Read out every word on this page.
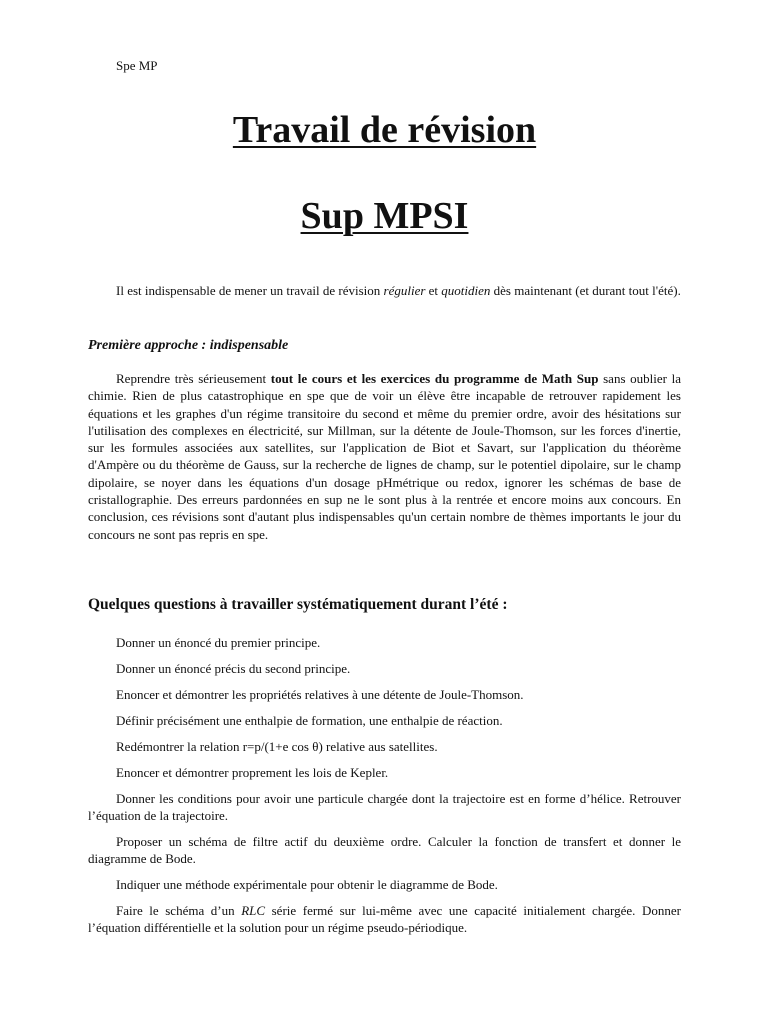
Spe MP
Travail de révision
Sup MPSI

Il est indispensable de mener un travail de révision régulier et quotidien dès maintenant (et durant tout l'été).

Première approche : indispensable

Reprendre très sérieusement tout le cours et les exercices du programme de Math Sup sans oublier la chimie. Rien de plus catastrophique en spe que de voir un élève être incapable de retrouver rapidement les équations et les graphes d'un régime transitoire du second et même du premier ordre, avoir des hésitations sur l'utilisation des complexes en électricité, sur Millman, sur la détente de Joule-Thomson, sur les forces d'inertie, sur les formules associées aux satellites, sur l'application de Biot et Savart, sur l'application du théorème d'Ampère ou du théorème de Gauss, sur la recherche de lignes de champ, sur le potentiel dipolaire, sur le champ dipolaire, se noyer dans les équations d'un dosage pHmétrique ou redox, ignorer les schémas de base de cristallographie. Des erreurs pardonnées en sup ne le sont plus à la rentrée et encore moins aux concours. En conclusion, ces révisions sont d'autant plus indispensables qu'un certain nombre de thèmes importants le jour du concours ne sont pas repris en spe.

Quelques questions à travailler systématiquement durant l’été :

Donner un énoncé du premier principe.
Donner un énoncé précis du second principe.
Enoncer et démontrer les propriétés relatives à une détente de Joule-Thomson.
Définir précisément une enthalpie de formation, une enthalpie de réaction.
Redémontrer la relation r=p/(1+e cos θ) relative aus satellites.
Enoncer et démontrer proprement les lois de Kepler.
Donner les conditions pour avoir une particule chargée dont la trajectoire est en forme d’hélice. Retrouver l’équation de la trajectoire.
Proposer un schéma de filtre actif du deuxième ordre. Calculer la fonction de transfert et donner le diagramme de Bode.
Indiquer une méthode expérimentale pour obtenir le diagramme de Bode.
Faire le schéma d’un RLC série fermé sur lui-même avec une capacité initialement chargée. Donner l’équation différentielle et la solution pour un régime pseudo-périodique.
